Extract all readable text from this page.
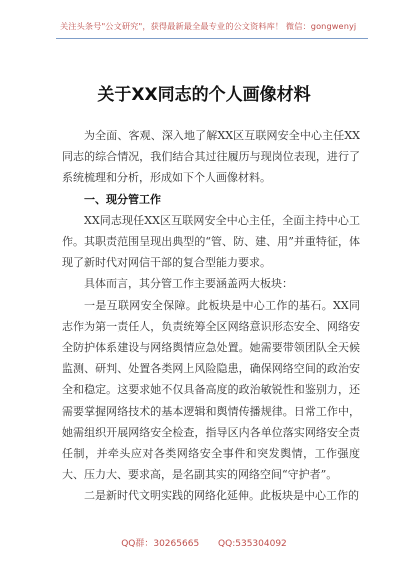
关注头条号"公文研究"，获得最新最全最专业的公文资料库！ 微信：gongwenyj
关于XX同志的个人画像材料

为全面、客观、深入地了解XX区互联网安全中心主任XX同志的综合情况，我们结合其过往履历与现岗位表现，进行了系统梳理和分析，形成如下个人画像材料。

一、现分管工作

XX同志现任XX区互联网安全中心主任，全面主持中心工作。其职责范围呈现出典型的“管、防、建、用”并重特征，体现了新时代对网信干部的复合型能力要求。

具体而言，其分管工作主要涵盖两大板块：

一是互联网安全保障。此板块是中心工作的基石。XX同志作为第一责任人，负责统筹全区网络意识形态安全、网络安全防护体系建设与网络舆情应急处置。她需要带领团队全天候监测、研判、处置各类网上风险隐患，确保网络空间的政治安全和稳定。这要求她不仅具备高度的政治敏锐性和鉴别力，还需要掌握网络技术的基本逻辑和舆情传播规律。日常工作中，她需组织开展网络安全检查，指导区内各单位落实网络安全责任制，并牵头应对各类网络安全事件和突发舆情，工作强度大、压力大、要求高，是名副其实的网络空间“守护者”。

二是新时代文明实践的网络化延伸。此板块是中心工作的

QQ群：30265665 QQ:535304092
